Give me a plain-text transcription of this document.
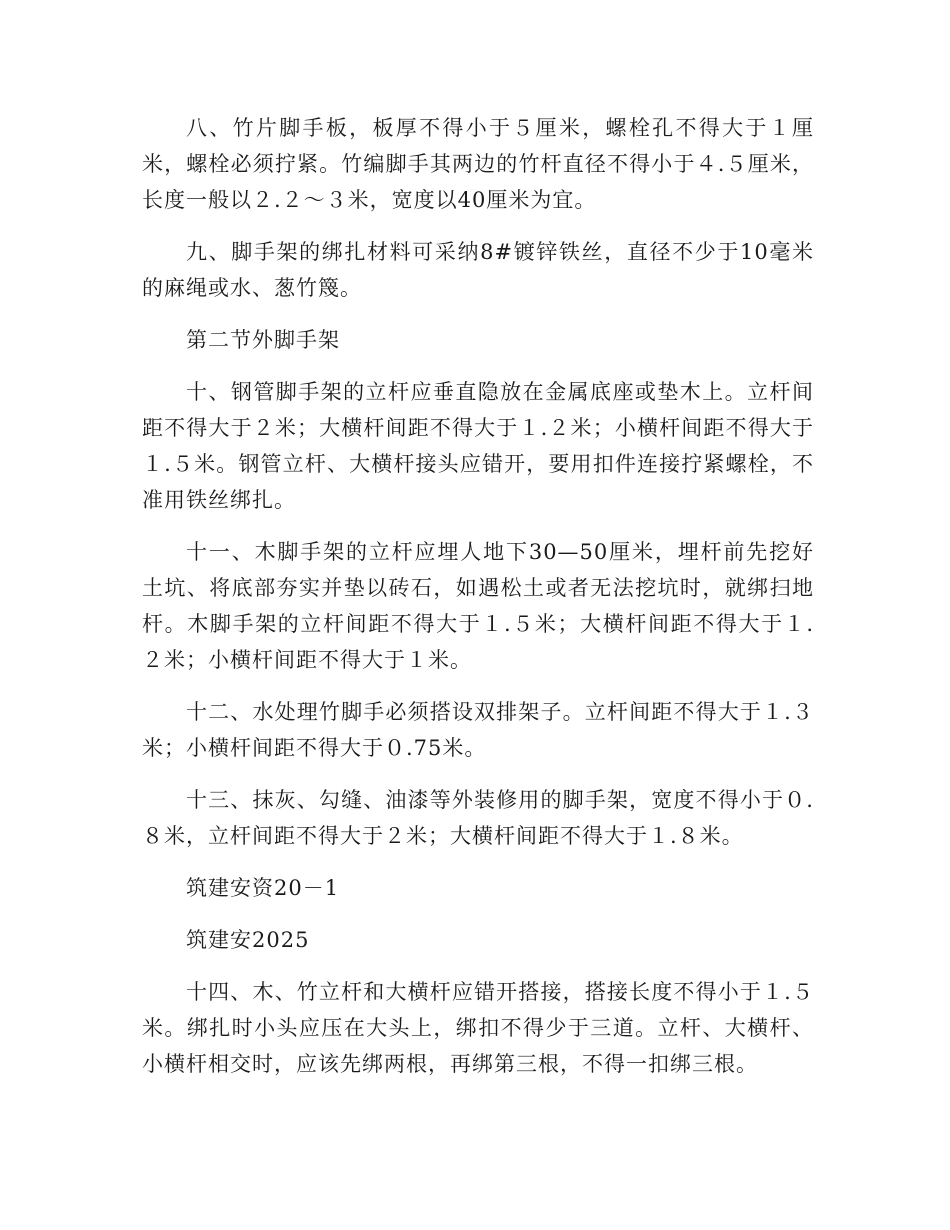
八、竹片脚手板，板厚不得小于５厘米，螺栓孔不得大于１厘米，螺栓必须拧紧。竹编脚手其两边的竹杆直径不得小于４.５厘米，长度一般以２.２～３米，宽度以40厘米为宜。

九、脚手架的绑扎材料可采纳8#镀锌铁丝，直径不少于10毫米的麻绳或水、葱竹篾。

第二节外脚手架

十、钢管脚手架的立杆应垂直隐放在金属底座或垫木上。立杆间距不得大于２米；大横杆间距不得大于１.２米；小横杆间距不得大于１.５米。钢管立杆、大横杆接头应错开，要用扣件连接拧紧螺栓，不准用铁丝绑扎。

十一、木脚手架的立杆应埋人地下30—50厘米，埋杆前先挖好土坑、将底部夯实并垫以砖石，如遇松土或者无法挖坑时，就绑扫地杆。木脚手架的立杆间距不得大于１.５米；大横杆间距不得大于１.２米；小横杆间距不得大于１米。

十二、水处理竹脚手必须搭设双排架子。立杆间距不得大于１.３米；小横杆间距不得大于０.75米。

十三、抹灰、勾缝、油漆等外装修用的脚手架，宽度不得小于０.８米，立杆间距不得大于２米；大横杆间距不得大于１.８米。

筑建安资20－1

筑建安2025

十四、木、竹立杆和大横杆应错开搭接，搭接长度不得小于１.５米。绑扎时小头应压在大头上，绑扣不得少于三道。立杆、大横杆、小横杆相交时，应该先绑两根，再绑第三根，不得一扣绑三根。
